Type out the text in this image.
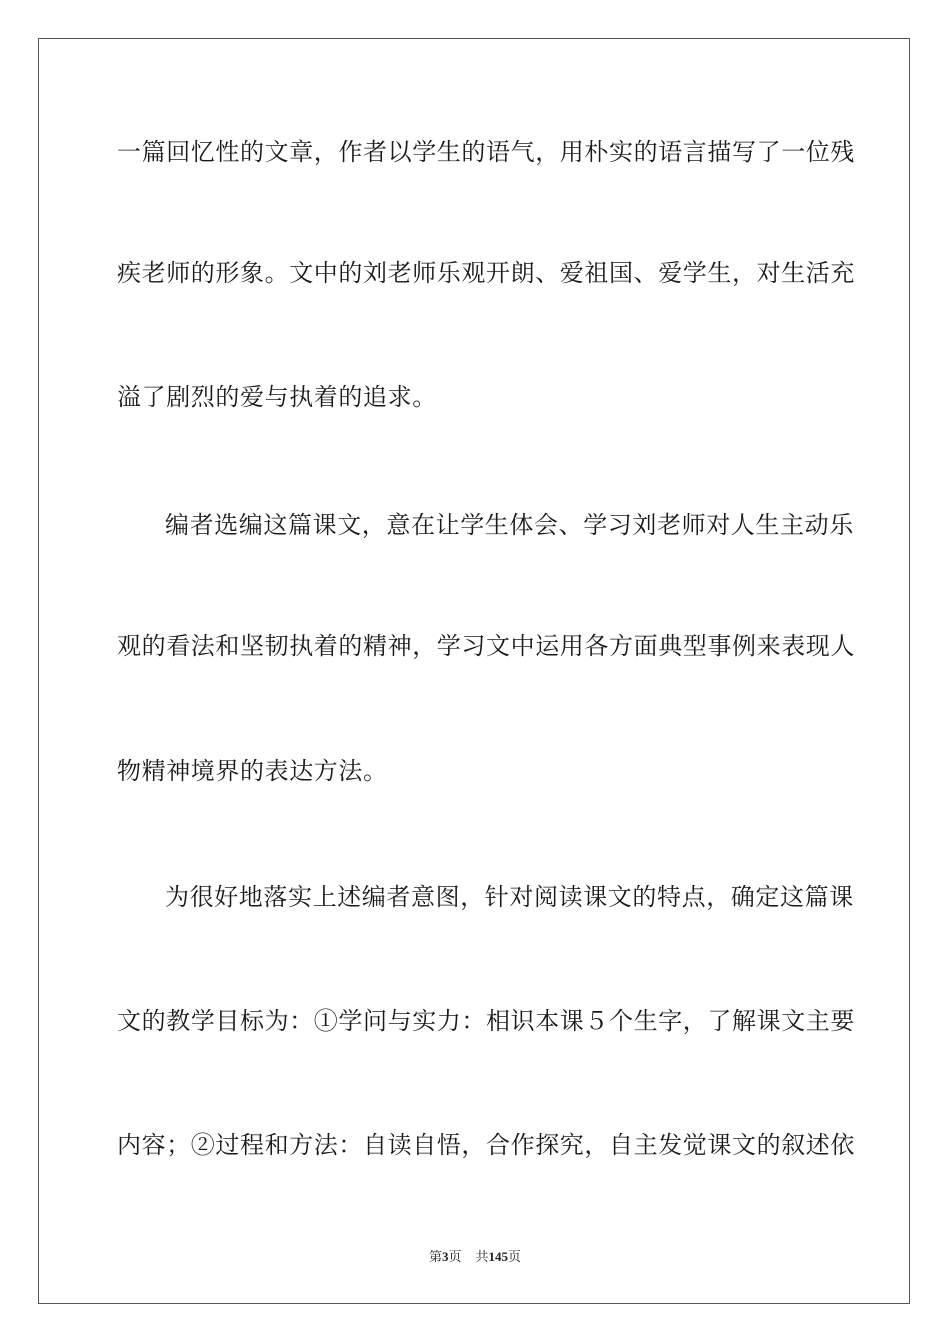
一篇回忆性的文章，作者以学生的语气，用朴实的语言描写了一位残
疾老师的形象。文中的刘老师乐观开朗、爱祖国、爱学生，对生活充
溢了剧烈的爱与执着的追求。
编者选编这篇课文，意在让学生体会、学习刘老师对人生主动乐
观的看法和坚韧执着的精神，学习文中运用各方面典型事例来表现人
物精神境界的表达方法。
为很好地落实上述编者意图，针对阅读课文的特点，确定这篇课
文的教学目标为：①学问与实力：相识本课５个生字，了解课文主要
内容；②过程和方法：自读自悟，合作探究，自主发觉课文的叙述依
第3页 共145页
